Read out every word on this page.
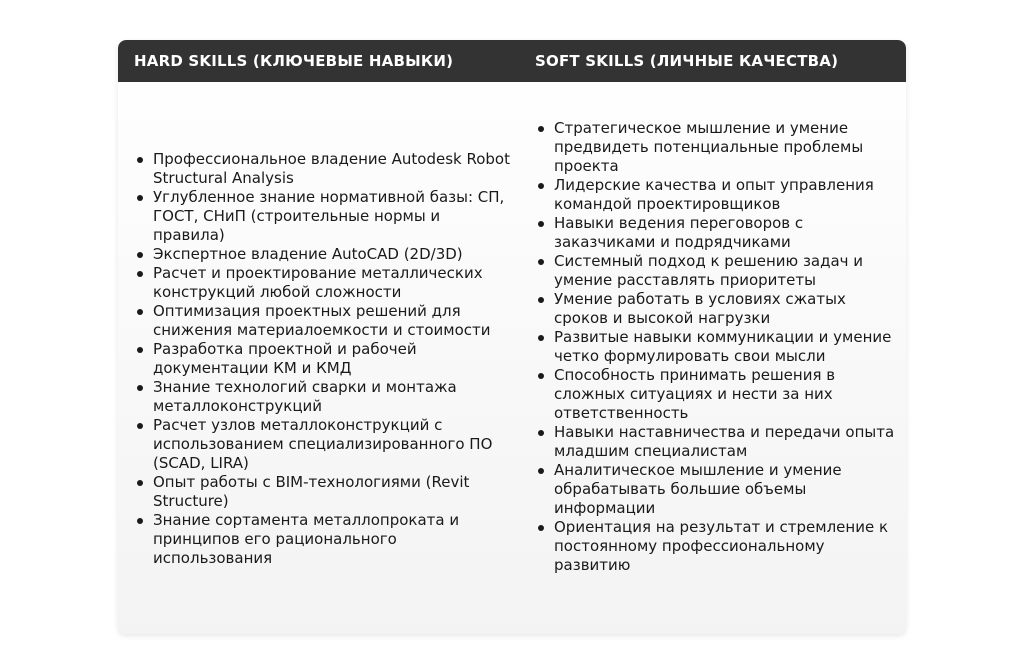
HARD SKILLS (КЛЮЧЕВЫЕ НАВЫКИ)	SOFT SKILLS (ЛИЧНЫЕ КАЧЕСТВА)
Профессиональное владение Autodesk Robot Structural Analysis
Углубленное знание нормативной базы: СП, ГОСТ, СНиП (строительные нормы и правила)
Экспертное владение AutoCAD (2D/3D)
Расчет и проектирование металлических конструкций любой сложности
Оптимизация проектных решений для снижения материалоемкости и стоимости
Разработка проектной и рабочей документации КМ и КМД
Знание технологий сварки и монтажа металлоконструкций
Расчет узлов металлоконструкций с использованием специализированного ПО (SCAD, LIRA)
Опыт работы с BIM-технологиями (Revit Structure)
Знание сортамента металлопроката и принципов его рационального использования
Стратегическое мышление и умение предвидеть потенциальные проблемы проекта
Лидерские качества и опыт управления командой проектировщиков
Навыки ведения переговоров с заказчиками и подрядчиками
Системный подход к решению задач и умение расставлять приоритеты
Умение работать в условиях сжатых сроков и высокой нагрузки
Развитые навыки коммуникации и умение четко формулировать свои мысли
Способность принимать решения в сложных ситуациях и нести за них ответственность
Навыки наставничества и передачи опыта младшим специалистам
Аналитическое мышление и умение обрабатывать большие объемы информации
Ориентация на результат и стремление к постоянному профессиональному развитию
